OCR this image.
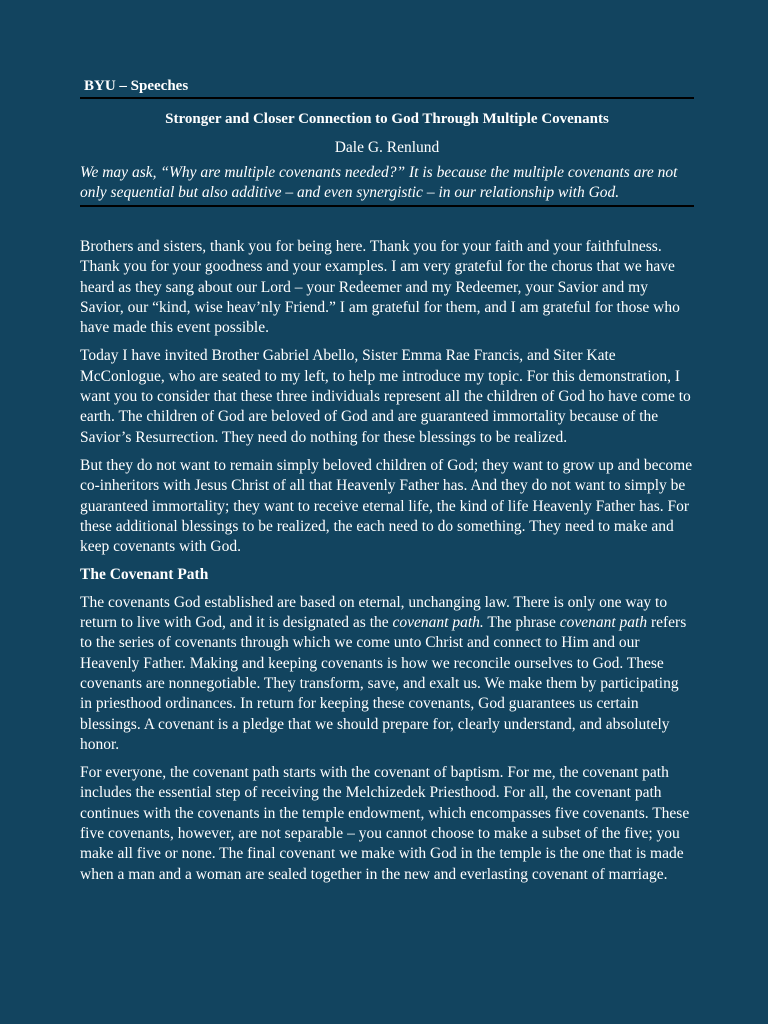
BYU – Speeches
Stronger and Closer Connection to God Through Multiple Covenants
Dale G. Renlund
We may ask, “Why are multiple covenants needed?” It is because the multiple covenants are not only sequential but also additive – and even synergistic – in our relationship with God.

Brothers and sisters, thank you for being here. Thank you for your faith and your faithfulness. Thank you for your goodness and your examples. I am very grateful for the chorus that we have heard as they sang about our Lord – your Redeemer and my Redeemer, your Savior and my Savior, our “kind, wise heav’nly Friend.” I am grateful for them, and I am grateful for those who have made this event possible.

Today I have invited Brother Gabriel Abello, Sister Emma Rae Francis, and Siter Kate McConlogue, who are seated to my left, to help me introduce my topic. For this demonstration, I want you to consider that these three individuals represent all the children of God ho have come to earth. The children of God are beloved of God and are guaranteed immortality because of the Savior’s Resurrection. They need do nothing for these blessings to be realized.

But they do not want to remain simply beloved children of God; they want to grow up and become co-inheritors with Jesus Christ of all that Heavenly Father has. And they do not want to simply be guaranteed immortality; they want to receive eternal life, the kind of life Heavenly Father has. For these additional blessings to be realized, the each need to do something. They need to make and keep covenants with God.

The Covenant Path

The covenants God established are based on eternal, unchanging law. There is only one way to return to live with God, and it is designated as the covenant path. The phrase covenant path refers to the series of covenants through which we come unto Christ and connect to Him and our Heavenly Father. Making and keeping covenants is how we reconcile ourselves to God. These covenants are nonnegotiable. They transform, save, and exalt us. We make them by participating in priesthood ordinances. In return for keeping these covenants, God guarantees us certain blessings. A covenant is a pledge that we should prepare for, clearly understand, and absolutely honor.

For everyone, the covenant path starts with the covenant of baptism. For me, the covenant path includes the essential step of receiving the Melchizedek Priesthood. For all, the covenant path continues with the covenants in the temple endowment, which encompasses five covenants. These five covenants, however, are not separable – you cannot choose to make a subset of the five; you make all five or none. The final covenant we make with God in the temple is the one that is made when a man and a woman are sealed together in the new and everlasting covenant of marriage.
